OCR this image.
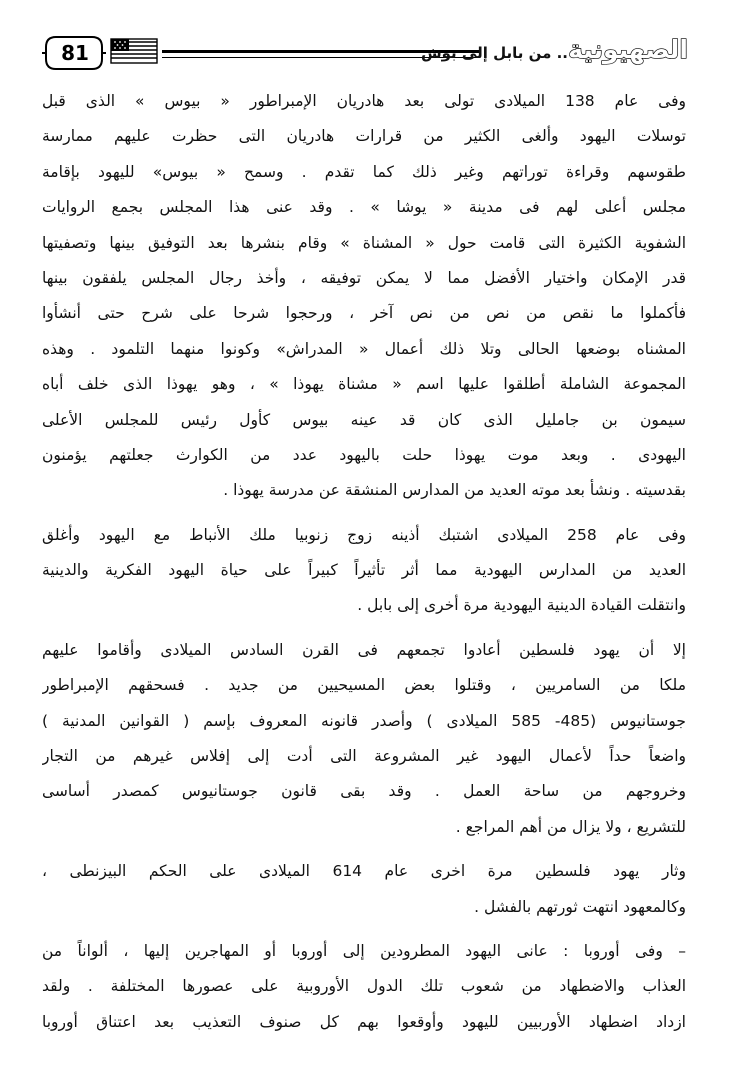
81	.. من بابل إلى بوش الصهيونية
وفى عام 138 الميلادى تولى بعد هادريان الإمبراطور « بيوس » الذى قبل
توسلات اليهود وألغى الكثير من قرارات هادريان التى حظرت عليهم ممارسة
طقوسهم وقراءة توراتهم وغير ذلك كما تقدم . وسمح « بيوس» لليهود بإقامة
مجلس أعلى لهم فى مدينة « يوشا » . وقد عنى هذا المجلس بجمع الروايات
الشفوية الكثيرة التى قامت حول « المشناة » وقام بنشرها بعد التوفيق بينها وتصفيتها
قدر الإمكان واختيار الأفضل مما لا يمكن توفيقه ، وأخذ رجال المجلس يلفقون بينها
فأكملوا ما نقص من نص من نص آخر ، ورحجوا شرحا على شرح حتى أنشأوا
المشناه بوضعها الحالى وتلا ذلك أعمال « المدراش» وكونوا منهما التلمود . وهذه
المجموعة الشاملة أطلقوا عليها اسم « مشناة يهوذا » ، وهو يهوذا الذى خلف أباه
سيمون بن جامليل الذى كان قد عينه بيوس كأول رئيس للمجلس الأعلى
اليهودى . وبعد موت يهوذا حلت باليهود عدد من الكوارث جعلتهم يؤمنون
بقدسيته . ونشأ بعد موته العديد من المدارس المنشقة عن مدرسة يهوذا .
وفى عام 258 الميلادى اشتبك أذينه زوج زنوبيا ملك الأنباط مع اليهود وأغلق
العديد من المدارس اليهودية مما أثر تأثيراً كبيراً على حياة اليهود الفكرية والدينية
وانتقلت القيادة الدينية اليهودية مرة أخرى إلى بابل .
إلا أن يهود فلسطين أعادوا تجمعهم فى القرن السادس الميلادى وأقاموا عليهم
ملكا من السامريين ، وقتلوا بعض المسيحيين من جديد . فسحقهم الإمبراطور
جوستانيوس (485- 585 الميلادى ) وأصدر قانونه المعروف بإسم ( القوانين المدنية )
واضعاً حداً لأعمال اليهود غير المشروعة التى أدت إلى إفلاس غيرهم من التجار
وخروجهم من ساحة العمل . وقد بقى قانون جوستانيوس كمصدر أساسى
للتشريع ، ولا يزال من أهم المراجع .
وثار يهود فلسطين مرة اخرى عام 614 الميلادى على الحكم البيزنطى ،
وكالمعهود انتهت ثورتهم بالفشل .
– وفى أوروبا : عانى اليهود المطرودين إلى أوروبا أو المهاجرين إليها ، ألواناً من
العذاب والاضطهاد من شعوب تلك الدول الأوروبية على عصورها المختلفة . ولقد
ازداد اضطهاد الأوربيين لليهود وأوقعوا بهم كل صنوف التعذيب بعد اعتناق أوروبا
